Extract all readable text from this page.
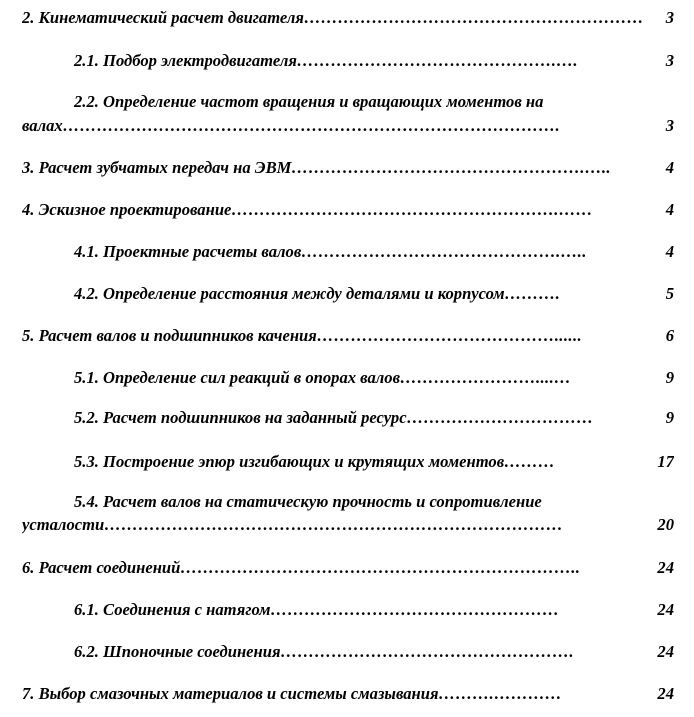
2. Кинематический расчет двигателя ……………………………………………………	3
2.1. Подбор электродвигателя ……………………………………….….	3
2.2. Определение частот вращения и вращающих моментов на
валах …………………………………………………………………………….	3
3. Расчет зубчатых передач на ЭВМ …………………………………………….…..	4
4. Эскизное проектирование ………………………………………………….……	4
4.1. Проектные расчеты валов ……………………………………….…..	4
4.2. Определение расстояния между деталями и корпусом ……….	5
5. Расчет валов и подшипников качения ……………………………………......	6
5.1. Определение сил реакций в опорах валов ……………………....…	9
5.2. Расчет подшипников на заданный ресурс ……………………………	9
5.3. Построение эпюр изгибающих и крутящих моментов ………	17
5.4. Расчет валов на статическую прочность и сопротивление
усталости ………………………………………………………………………	20
6. Расчет соединений ……………………………………………………………..	24
6.1. Соединения с натягом ……………………………………………	24
6.2. Шпоночные соединения …………………………………………….	24
7. Выбор смазочных материалов и системы смазывания ……….…………	24
